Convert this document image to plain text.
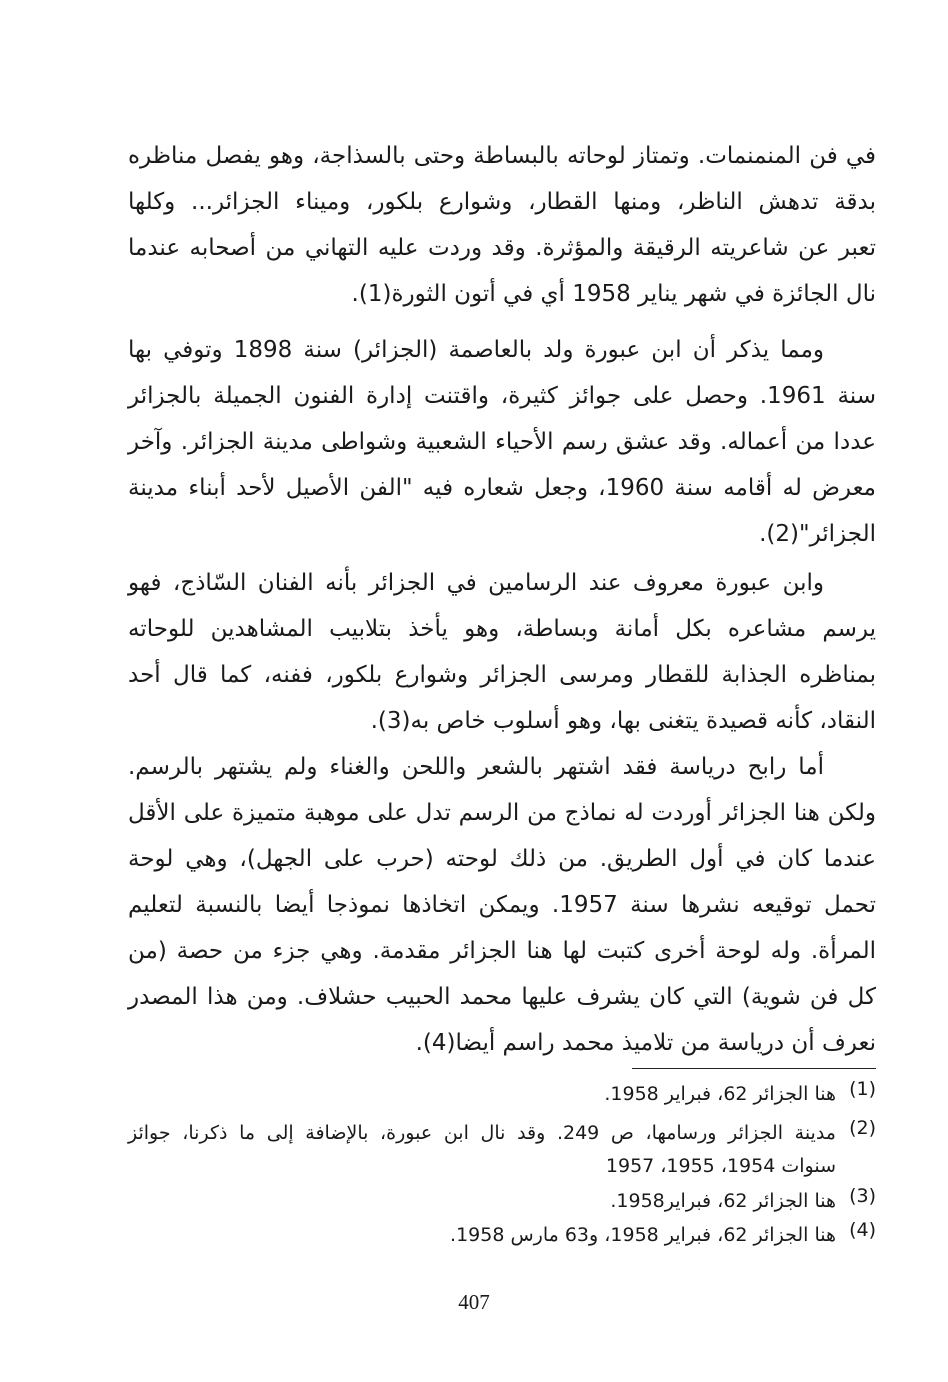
في فن المنمنمات. وتمتاز لوحاته بالبساطة وحتى بالسذاجة، وهو يفصل مناظره
بدقة تدهش الناظر، ومنها القطار، وشوارع بلكور، وميناء الجزائر... وكلها
تعبر عن شاعريته الرقيقة والمؤثرة. وقد وردت عليه التهاني من أصحابه عندما
نال الجائزة في شهر يناير 1958 أي في أتون الثورة(1).
ومما يذكر أن ابن عبورة ولد بالعاصمة (الجزائر) سنة 1898 وتوفي بها
سنة 1961. وحصل على جوائز كثيرة، واقتنت إدارة الفنون الجميلة بالجزائر
عددا من أعماله. وقد عشق رسم الأحياء الشعبية وشواطى مدينة الجزائر. وآخر
معرض له أقامه سنة 1960، وجعل شعاره فيه "الفن الأصيل لأحد أبناء مدينة
الجزائر"(2).
وابن عبورة معروف عند الرسامين في الجزائر بأنه الفنان السّاذج، فهو
يرسم مشاعره بكل أمانة وبساطة، وهو يأخذ بتلابيب المشاهدين للوحاته
بمناظره الجذابة للقطار ومرسى الجزائر وشوارع بلكور، ففنه، كما قال أحد
النقاد، كأنه قصيدة يتغنى بها، وهو أسلوب خاص به(3).
أما رابح درياسة فقد اشتهر بالشعر واللحن والغناء ولم يشتهر بالرسم.
ولكن هنا الجزائر أوردت له نماذج من الرسم تدل على موهبة متميزة على الأقل
عندما كان في أول الطريق. من ذلك لوحته (حرب على الجهل)، وهي لوحة
تحمل توقيعه نشرها سنة 1957. ويمكن اتخاذها نموذجا أيضا بالنسبة لتعليم
المرأة. وله لوحة أخرى كتبت لها هنا الجزائر مقدمة. وهي جزء من حصة (من
كل فن شوية) التي كان يشرف عليها محمد الحبيب حشلاف. ومن هذا المصدر
نعرف أن درياسة من تلاميذ محمد راسم أيضا(4).
(1)
هنا الجزائر 62، فبراير 1958.
(2)
مدينة الجزائر ورسامها، ص 249. وقد نال ابن عبورة، بالإضافة إلى ما ذكرنا، جوائز
سنوات 1954، 1955، 1957
(3)
هنا الجزائر 62، فبراير1958.
(4)
هنا الجزائر 62، فبراير 1958، و63 مارس 1958.
407
